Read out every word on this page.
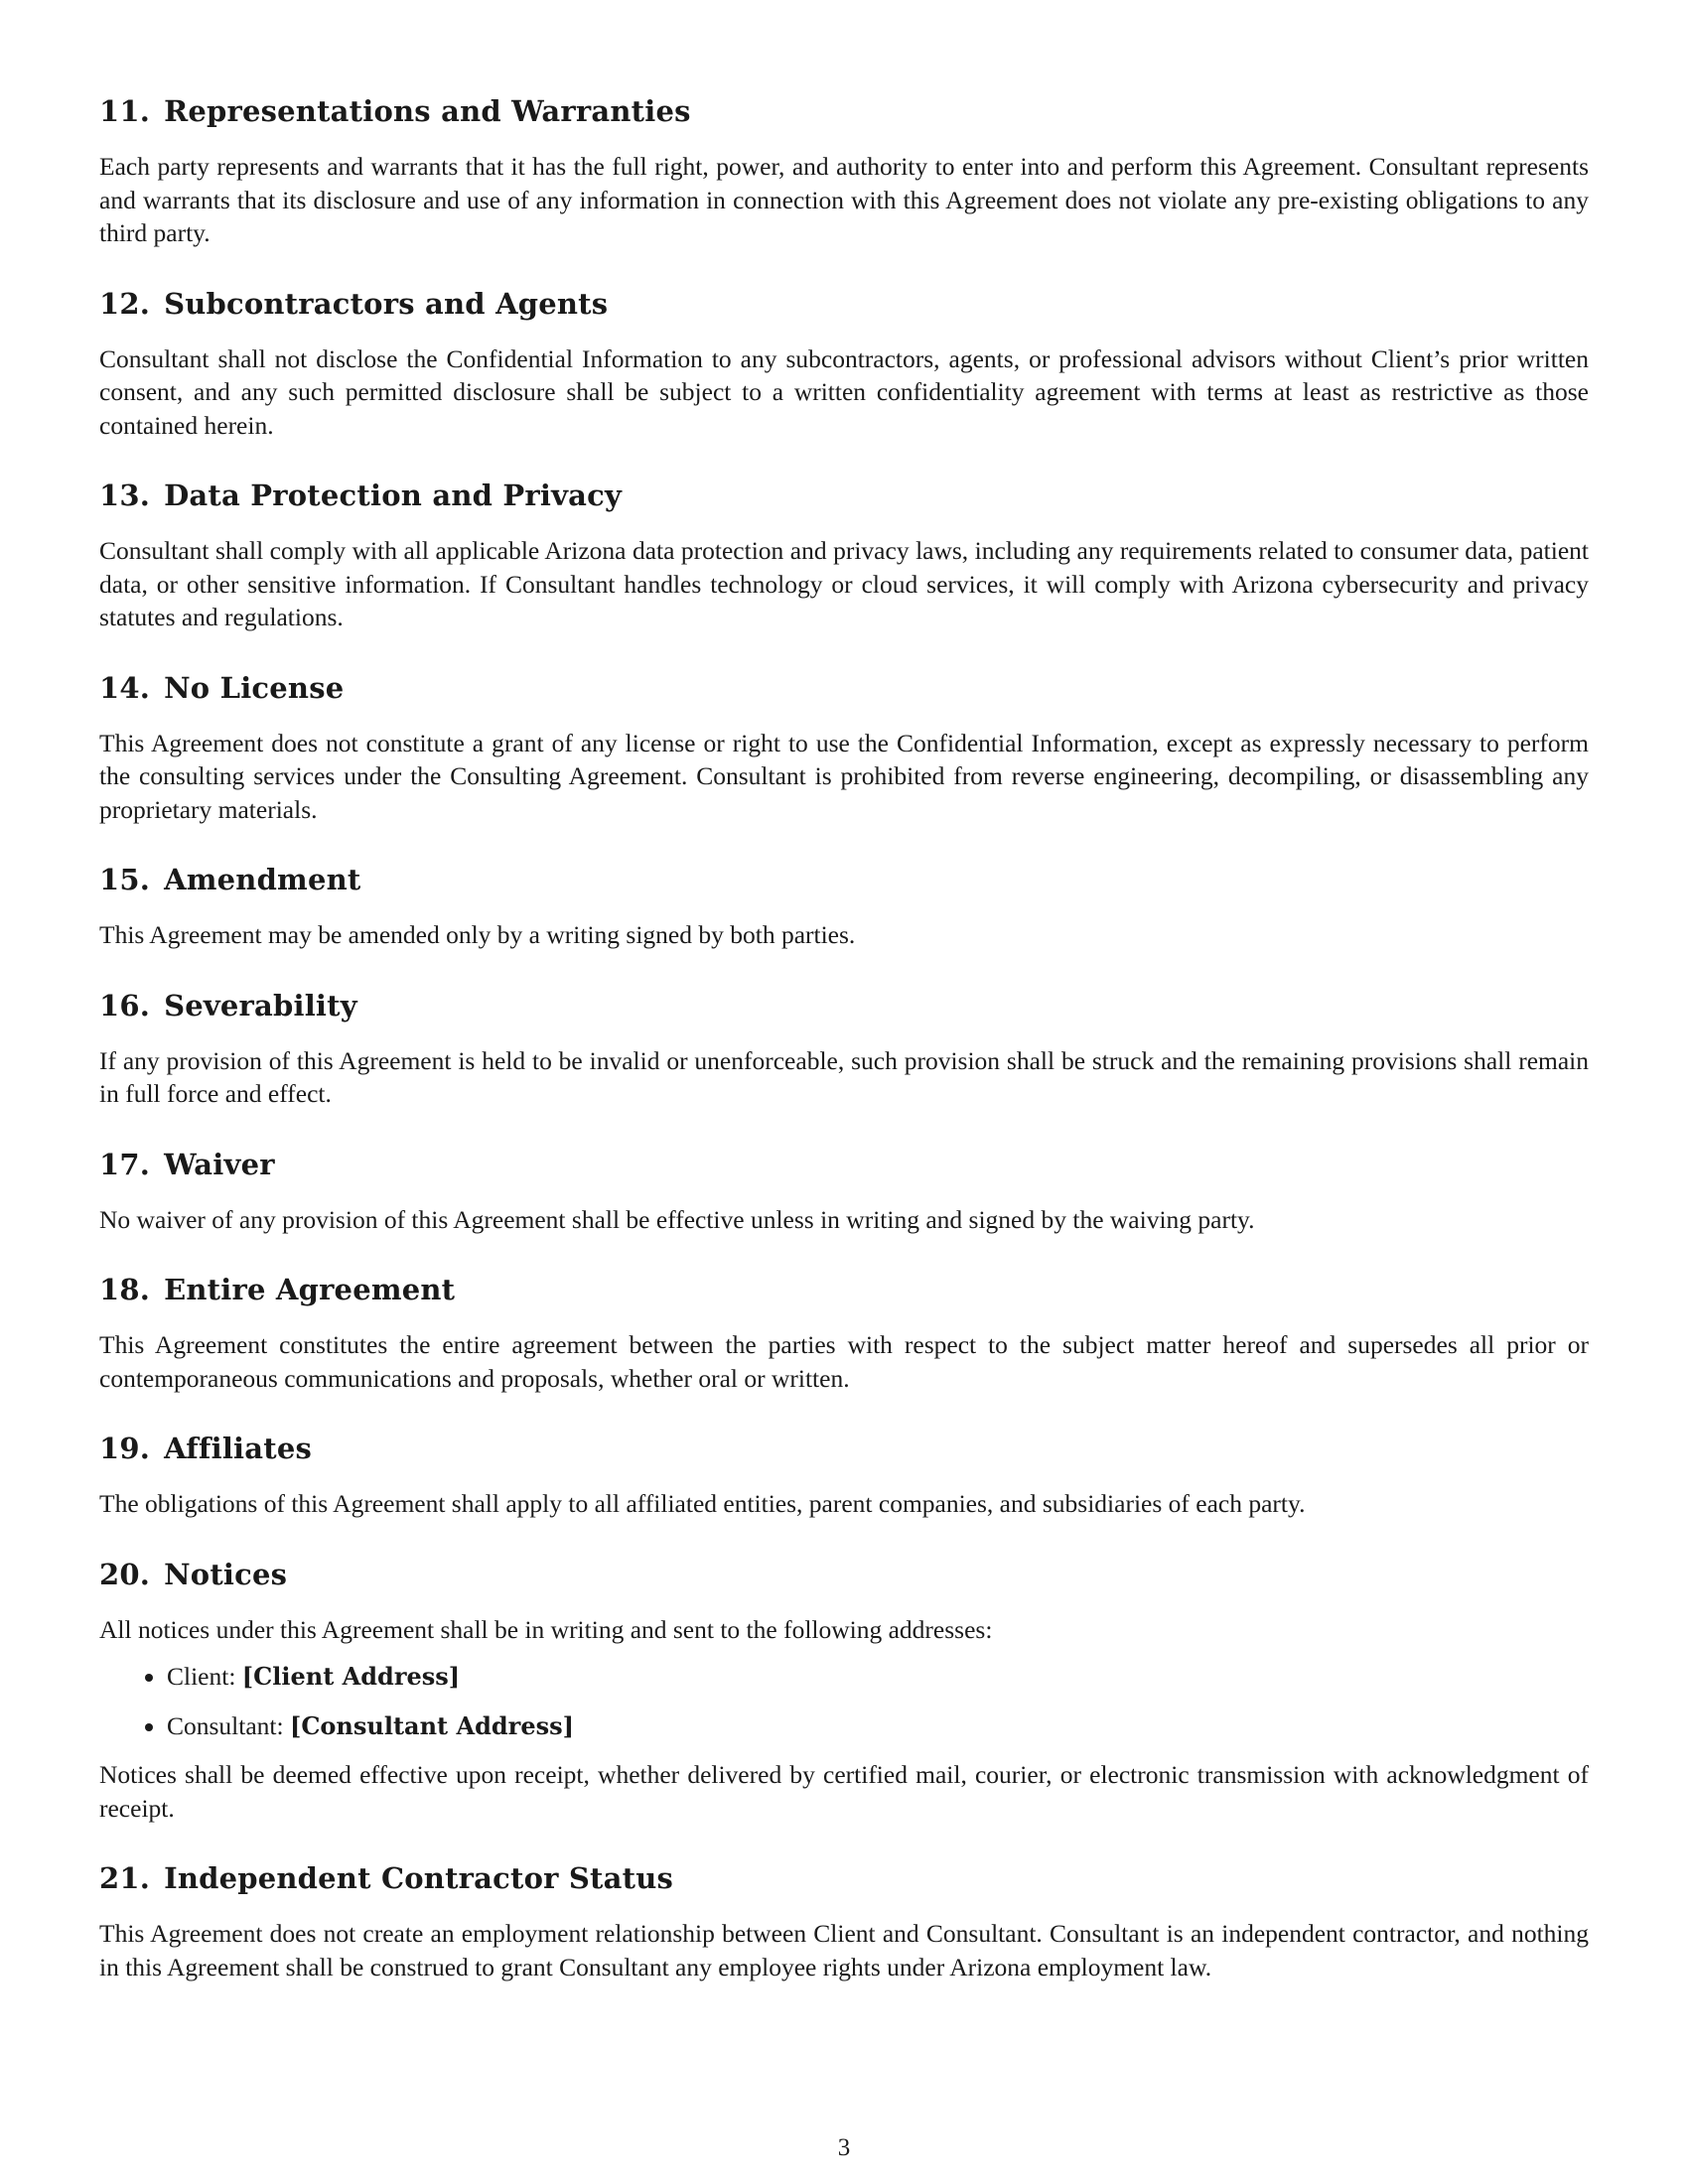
11. Representations and Warranties

Each party represents and warrants that it has the full right, power, and authority to enter into and perform this Agreement. Consultant represents and warrants that its disclosure and use of any information in connection with this Agreement does not violate any pre-existing obligations to any third party.

12. Subcontractors and Agents

Consultant shall not disclose the Confidential Information to any subcontractors, agents, or professional advisors without Client’s prior written consent, and any such permitted disclosure shall be subject to a written confidentiality agreement with terms at least as restrictive as those contained herein.

13. Data Protection and Privacy

Consultant shall comply with all applicable Arizona data protection and privacy laws, including any requirements related to consumer data, patient data, or other sensitive information. If Consultant handles technology or cloud services, it will comply with Arizona cybersecurity and privacy statutes and regulations.

14. No License

This Agreement does not constitute a grant of any license or right to use the Confidential Information, except as expressly necessary to perform the consulting services under the Consulting Agreement. Consultant is prohibited from reverse engineering, decompiling, or disassembling any proprietary materials.

15. Amendment

This Agreement may be amended only by a writing signed by both parties.

16. Severability

If any provision of this Agreement is held to be invalid or unenforceable, such provision shall be struck and the remaining provisions shall remain in full force and effect.

17. Waiver

No waiver of any provision of this Agreement shall be effective unless in writing and signed by the waiving party.

18. Entire Agreement

This Agreement constitutes the entire agreement between the parties with respect to the subject matter hereof and supersedes all prior or contemporaneous communications and proposals, whether oral or written.

19. Affiliates

The obligations of this Agreement shall apply to all affiliated entities, parent companies, and subsidiaries of each party.

20. Notices

All notices under this Agreement shall be in writing and sent to the following addresses:

• Client: [Client Address]
• Consultant: [Consultant Address]

Notices shall be deemed effective upon receipt, whether delivered by certified mail, courier, or electronic transmission with acknowledgment of receipt.

21. Independent Contractor Status

This Agreement does not create an employment relationship between Client and Consultant. Consultant is an independent contractor, and nothing in this Agreement shall be construed to grant Consultant any employee rights under Arizona employment law.

3
